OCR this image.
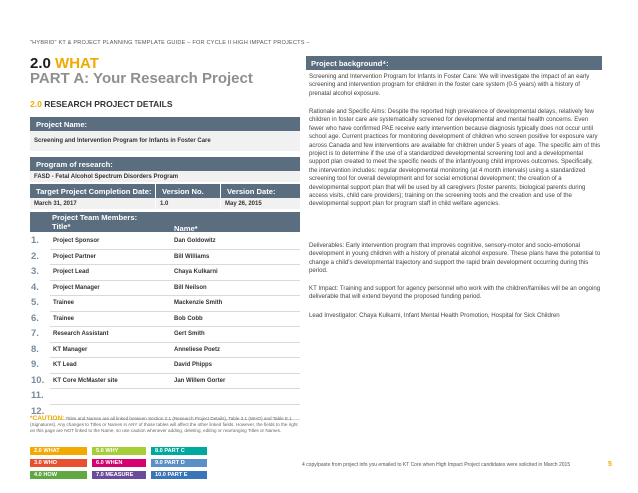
"HYBRID" KT & PROJECT PLANNING TEMPLATE GUIDE – FOR CYCLE II HIGH IMPACT PROJECTS –
2.0 WHAT
PART A: Your Research Project
2.0 RESEARCH PROJECT DETAILS
Project Name:
Screening and Intervention Program for Infants in Foster Care
Program of research:
FASD - Fetal Alcohol Spectrum Disorders Program
Target Project Completion Date:	Version No.	Version Date:
March 31, 2017	1.0	May 26, 2015
Project Team Members:
Title*	Name*
1. Project Sponsor	Dan Goldowitz
2. Project Partner	Bill Williams
3. Project Lead	Chaya Kulkarni
4. Project Manager	Bill Neilson
5. Trainee	Mackenzie Smith
6. Trainee	Bob Cobb
7. Research Assistant	Gert Smith
8. KT Manager	Anneliese Poetz
9. KT Lead	David Phipps
10. KT Core McMaster site	Jan Willem Gorter
11.
12.
*CAUTION: Titles and Names are all linked between Section 2.1 (Research Project Details), Table 3.1 (WHO) and Table E.1 (Signatures). Any changes to Titles or Names in ANY of those tables will affect the other linked fields. However, the fields to the right on this page are NOT linked to the Name, so use caution whenever adding, deleting, editing or rearranging Titles or Names.
2.0 WHAT	5.0 WHY	8.0 PART C
3.0 WHO	6.0 WHEN	9.0 PART D
4.0 HOW	7.0 MEASURE	10.0 PART E
Project background⁴:
Screening and Intervention Program for Infants in Foster Care: We will investigate the impact of an early screening and intervention program for children in the foster care system (0-5 years) with a history of prenatal alcohol exposure.
Rationale and Specific Aims: Despite the reported high prevalence of developmental delays, relatively few children in foster care are systematically screened for developmental and mental health concerns. Even fewer who have confirmed PAE receive early intervention because diagnosis typically does not occur until school age. Current practices for monitoring development of children who screen positive for exposure vary across Canada and few interventions are available for children under 5 years of age. The specific aim of this project is to determine if the use of a standardized developmental screening tool and a developmental support plan created to meet the specific needs of the infant/young child improves outcomes. Specifically, the intervention includes: regular developmental monitoring (at 4 month intervals) using a standardized screening tool for overall development and for social emotional development; the creation of a developmental support plan that will be used by all caregivers (foster parents, biological parents during access visits, child care providers); training on the screening tools and the creation and use of the developmental support plan for program staff in child welfare agencies.
Deliverables: Early intervention program that improves cognitive, sensory-motor and socio-emotional development in young children with a history of prenatal alcohol exposure. These plans have the potential to change a child's developmental trajectory and support the rapid brain development occurring during this period.
KT Impact: Training and support for agency personnel who work with the children/families will be an ongoing deliverable that will extend beyond the proposed funding period.
Lead Investigator: Chaya Kulkarni, Infant Mental Health Promotion, Hospital for Sick Children
4 copy/paste from project info you emailed to KT Core when High Impact Project candidates were solicited in March 2015	5
